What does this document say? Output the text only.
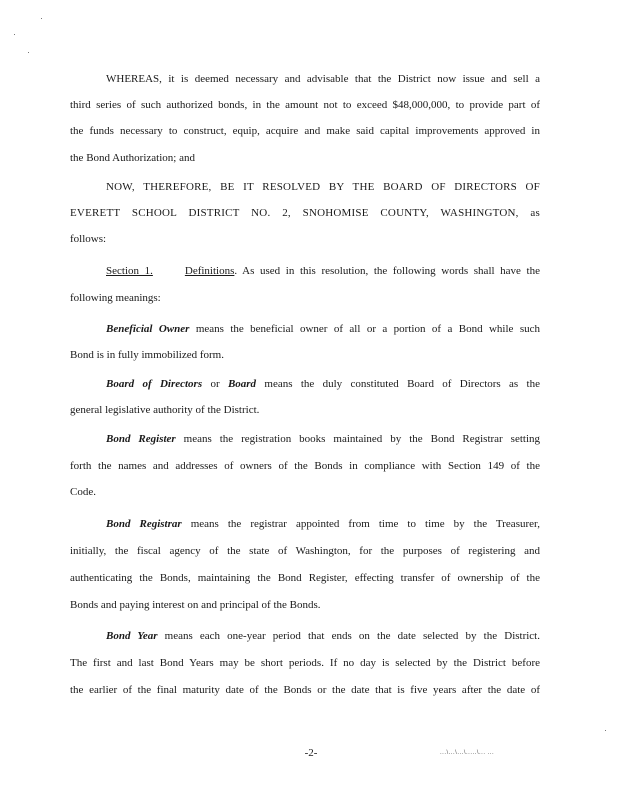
WHEREAS, it is deemed necessary and advisable that the District now issue and sell a
third series of such authorized bonds, in the amount not to exceed $48,000,000, to provide part of
the funds necessary to construct, equip, acquire and make said capital improvements approved in
the Bond Authorization; and
NOW, THEREFORE, BE IT RESOLVED BY THE BOARD OF DIRECTORS OF
EVERETT SCHOOL DISTRICT NO. 2, SNOHOMISE COUNTY, WASHINGTON, as
follows:
Section 1.	Definitions. As used in this resolution, the following words shall have the
following meanings:
Beneficial Owner means the beneficial owner of all or a portion of a Bond while such
Bond is in fully immobilized form.
Board of Directors or Board means the duly constituted Board of Directors as the
general legislative authority of the District.
Bond Register means the registration books maintained by the Bond Registrar setting
forth the names and addresses of owners of the Bonds in compliance with Section 149 of the
Code.
Bond Registrar means the registrar appointed from time to time by the Treasurer,
initially, the fiscal agency of the state of Washington, for the purposes of registering and
authenticating the Bonds, maintaining the Bond Register, effecting transfer of ownership of the
Bonds and paying interest on and principal of the Bonds.
Bond Year means each one-year period that ends on the date selected by the District.
The first and last Bond Years may be short periods. If no day is selected by the District before
the earlier of the final maturity date of the Bonds or the date that is five years after the date of
-2-	...\...\...\.....\... ...
